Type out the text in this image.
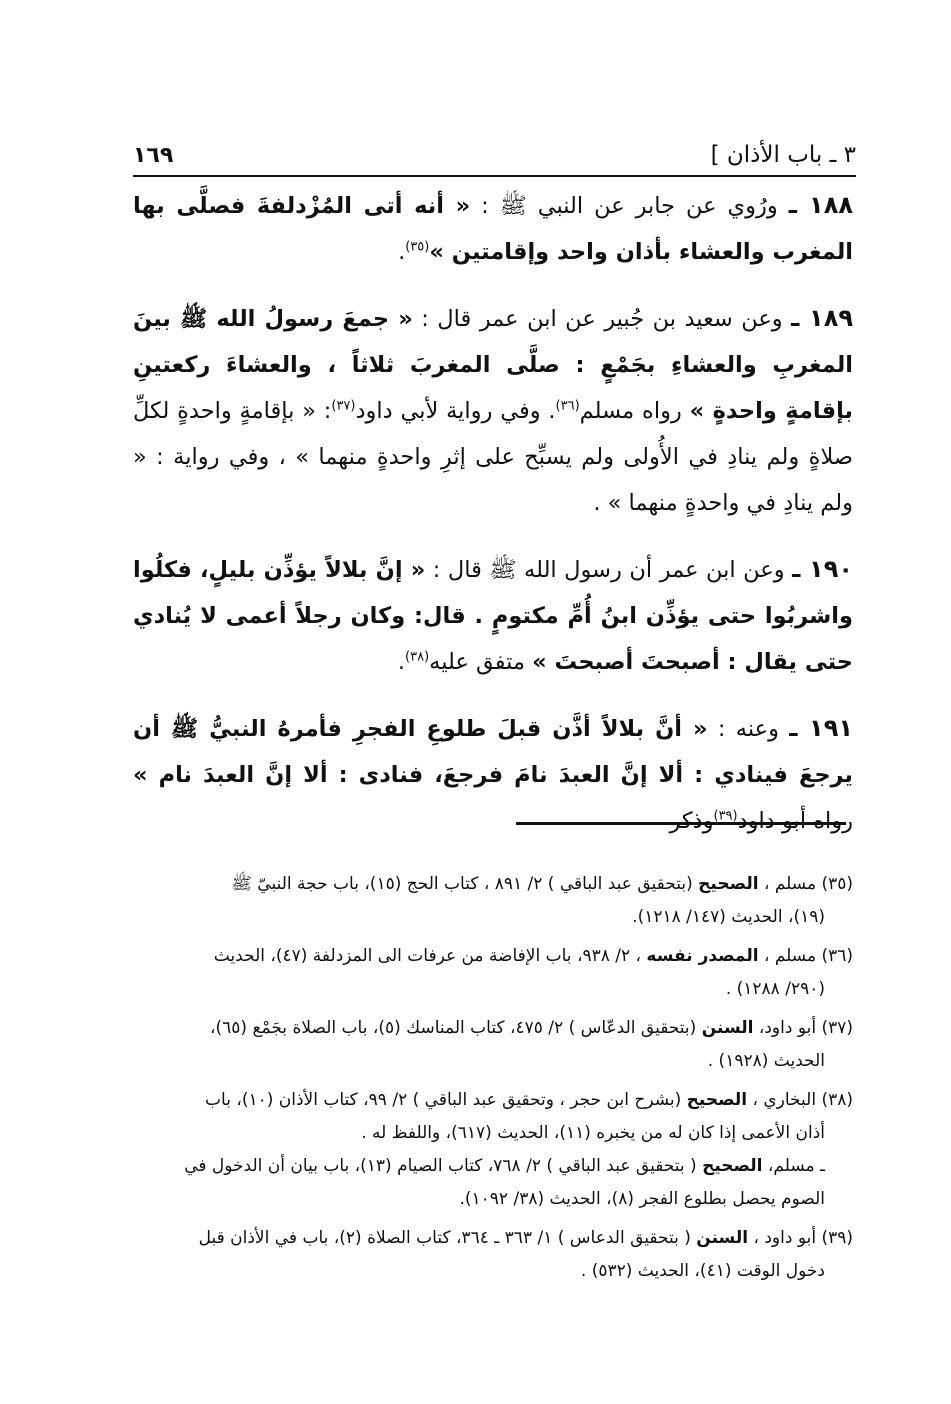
٣ ـ باب الأذان ]
١٦٩

١٨٨ ـ ورُوي عن جابر عن النبي ﷺ : « أنه أتى المُزْدلفةَ فصلَّى بها المغرب والعشاء بأذان واحد وإقامتين »$^{(٣٥)}$.

١٨٩ ـ وعن سعيد بن جُبير عن ابن عمر قال : « جمعَ رسولُ الله ﷺ بينَ المغربِ والعشاءِ بجَمْعٍ : صلَّى المغربَ ثلاثاً ، والعشاءَ ركعتينِ بإقامةٍ واحدةٍ » رواه مسلم$^{(٣٦)}$. وفي رواية لأبي داود$^{(٣٧)}$: « بإقامةٍ واحدةٍ لكلِّ صلاةٍ ولم ينادِ في الأُولى ولم يسبِّح على إثرِ واحدةٍ منهما » ، وفي رواية : « ولم ينادِ في واحدةٍ منهما » .

١٩٠ ـ وعن ابن عمر أن رسول الله ﷺ قال : « إنَّ بلالاً يؤذِّن بليلٍ، فكلُوا واشربُوا حتى يؤذِّن ابنُ أُمِّ مكتومٍ . قال: وكان رجلاً أعمى لا يُنادي حتى يقال : أصبحتَ أصبحتَ » متفق عليه$^{(٣٨)}$.

١٩١ ـ وعنه : « أنَّ بلالاً أذَّن قبلَ طلوعِ الفجرِ فأمرهُ النبيُّ ﷺ أن يرجعَ فينادي : ألا إنَّ العبدَ نامَ فرجعَ، فنادى : ألا إنَّ العبدَ نام » رواه أبو داود$^{(٣٩)}$وذكر

(٣٥) مسلم ، الصحيح (بتحقيق عبد الباقي ) ٢/ ٨٩١ ، كتاب الحج (١٥)، باب حجة النبيّ ﷺ
(١٩)، الحديث (١٤٧/ ١٢١٨).
(٣٦) مسلم ، المصدر نفسه ، ٢/ ٩٣٨، باب الإفاضة من عرفات الى المزدلفة (٤٧)، الحديث
(٢٩٠/ ١٢٨٨) .
(٣٧) أبو داود، السنن (بتحقيق الدعّاس ) ٢/ ٤٧٥، كتاب المناسك (٥)، باب الصلاة بجَمْع (٦٥)،
الحديث (١٩٢٨) .
(٣٨) البخاري ، الصحيح (بشرح ابن حجر ، وتحقيق عبد الباقي ) ٢/ ٩٩، كتاب الأذان (١٠)، باب
أذان الأعمى إذا كان له من يخبره (١١)، الحديث (٦١٧)، واللفظ له .
ـ مسلم، الصحيح ( بتحقيق عبد الباقي ) ٢/ ٧٦٨، كتاب الصيام (١٣)، باب بيان أن الدخول في
الصوم يحصل بطلوع الفجر (٨)، الحديث (٣٨/ ١٠٩٢).
(٣٩) أبو داود ، السنن ( بتحقيق الدعاس ) ١/ ٣٦٣ ـ ٣٦٤، كتاب الصلاة (٢)، باب في الأذان قبل
دخول الوقت (٤١)، الحديث (٥٣٢) .
